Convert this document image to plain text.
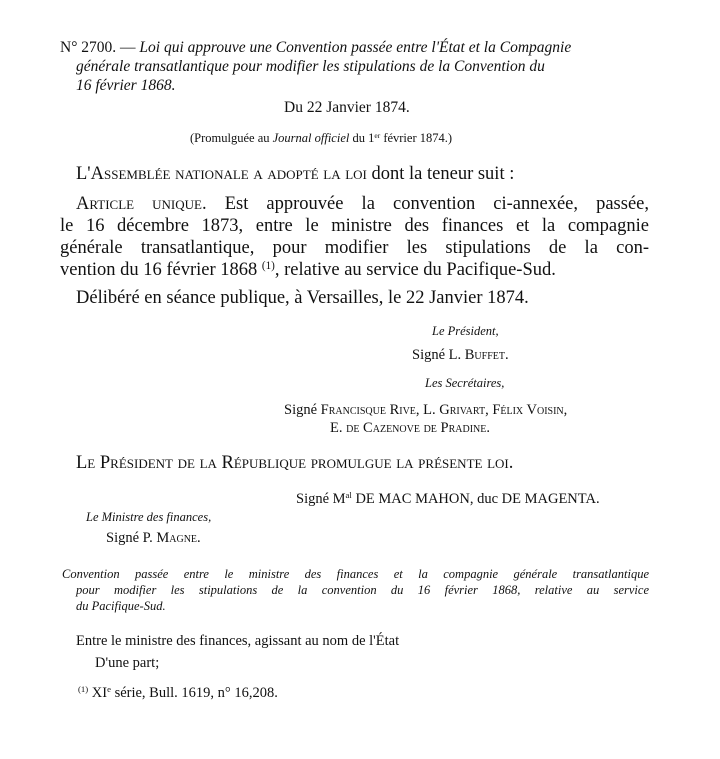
N° 2700. — Loi qui approuve une Convention passée entre l'État et la Compagnie
générale transatlantique pour modifier les stipulations de la Convention du
16 février 1868.
Du 22 Janvier 1874.
(Promulguée au Journal officiel du 1er février 1874.)
L'Assemblée nationale a adopté la loi dont la teneur suit :
Article unique. Est approuvée la convention ci-annexée, passée,
le 16 décembre 1873, entre le ministre des finances et la compagnie
générale transatlantique, pour modifier les stipulations de la con-
vention du 16 février 1868 $^{(1)}$, relative au service du Pacifique-Sud.
Délibéré en séance publique, à Versailles, le 22 Janvier 1874.
Le Président,
Signé L. Buffet.
Les Secrétaires,
Signé Francisque Rive, L. Grivart, Félix Voisin,
E. de Cazenove de Pradine.
Le Président de la République promulgue la présente loi.
Signé $M^{al}$ DE MAC MAHON, duc DE MAGENTA.
Le Ministre des finances,
Signé P. Magne.
Convention passée entre le ministre des finances et la compagnie générale transatlantique
pour modifier les stipulations de la convention du 16 février 1868, relative au service
du Pacifique-Sud.
Entre le ministre des finances, agissant au nom de l'État
D'une part;
$^{(1)}$ XIe série, Bull. 1619, n° 16,208.
